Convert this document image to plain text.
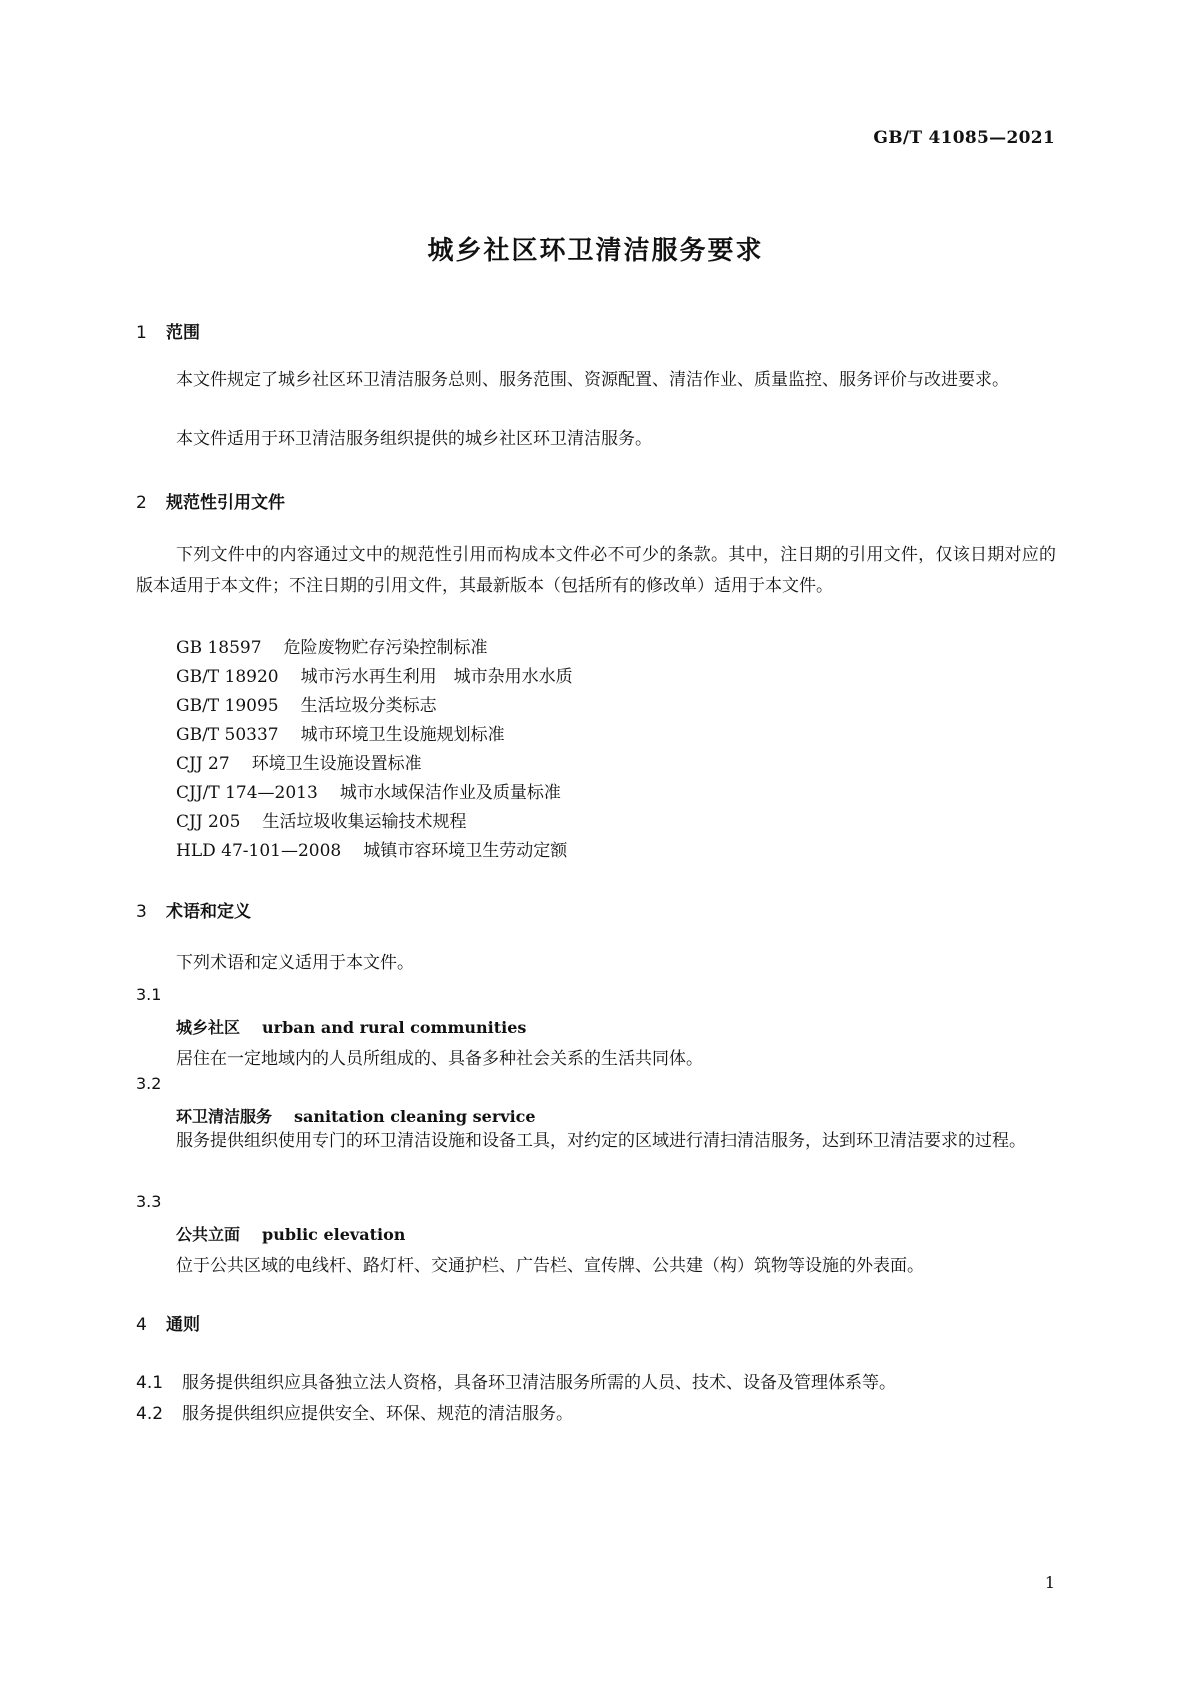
GB/T 41085—2021
城乡社区环卫清洁服务要求
1 范围
本文件规定了城乡社区环卫清洁服务总则、服务范围、资源配置、清洁作业、质量监控、服务评价与改进要求。
本文件适用于环卫清洁服务组织提供的城乡社区环卫清洁服务。
2 规范性引用文件
下列文件中的内容通过文中的规范性引用而构成本文件必不可少的条款。其中，注日期的引用文件，仅该日期对应的版本适用于本文件；不注日期的引用文件，其最新版本（包括所有的修改单）适用于本文件。
GB 18597 危险废物贮存污染控制标准
GB/T 18920 城市污水再生利用　城市杂用水水质
GB/T 19095 生活垃圾分类标志
GB/T 50337 城市环境卫生设施规划标准
CJJ 27 环境卫生设施设置标准
CJJ/T 174—2013 城市水域保洁作业及质量标准
CJJ 205 生活垃圾收集运输技术规程
HLD 47-101—2008 城镇市容环境卫生劳动定额
3 术语和定义
下列术语和定义适用于本文件。
3.1
城乡社区 urban and rural communities
居住在一定地域内的人员所组成的、具备多种社会关系的生活共同体。
3.2
环卫清洁服务 sanitation cleaning service
服务提供组织使用专门的环卫清洁设施和设备工具，对约定的区域进行清扫清洁服务，达到环卫清洁要求的过程。
3.3
公共立面 public elevation
位于公共区域的电线杆、路灯杆、交通护栏、广告栏、宣传牌、公共建（构）筑物等设施的外表面。
4 通则
4.1 服务提供组织应具备独立法人资格，具备环卫清洁服务所需的人员、技术、设备及管理体系等。
4.2 服务提供组织应提供安全、环保、规范的清洁服务。
1
